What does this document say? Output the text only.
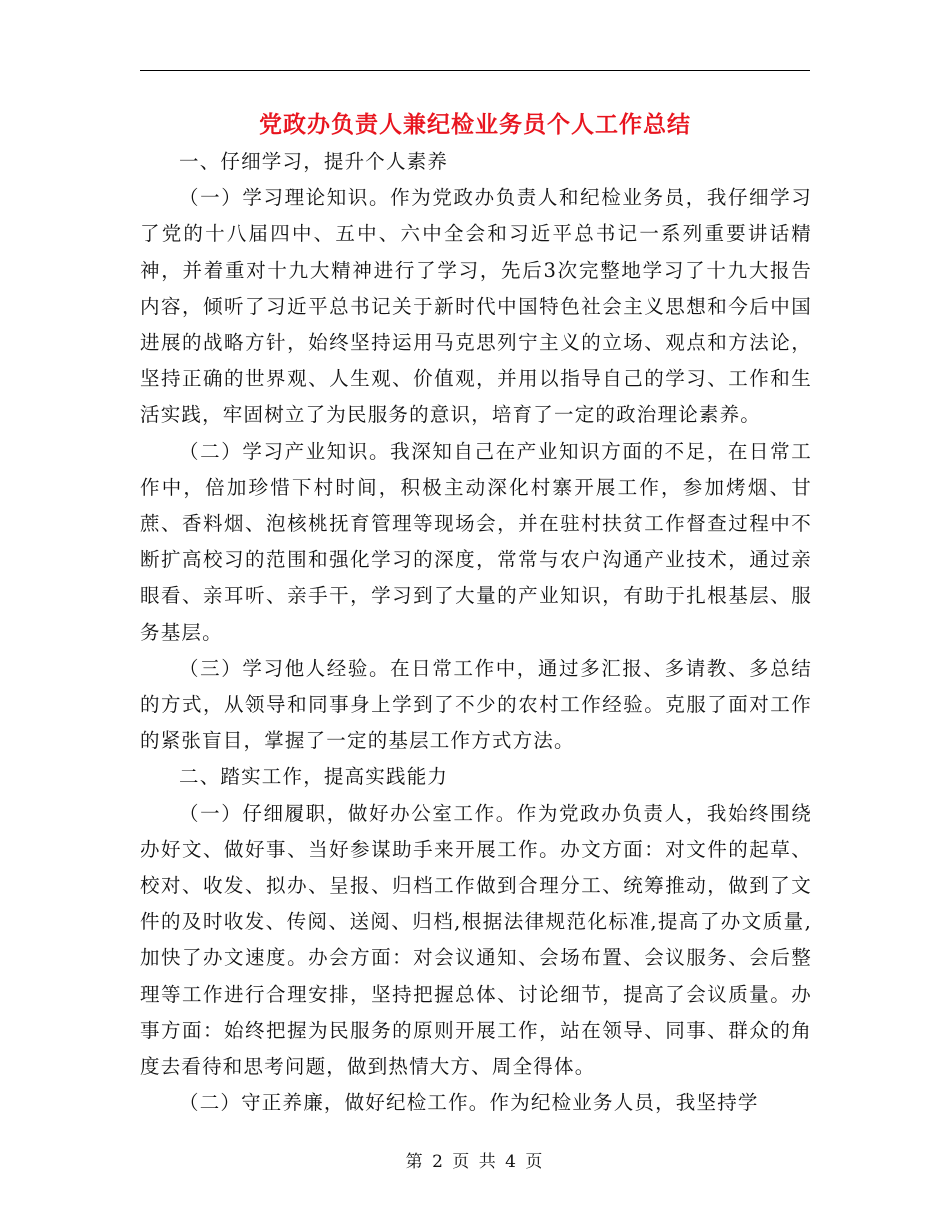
党政办负责人兼纪检业务员个人工作总结

一、仔细学习，提升个人素养

（一）学习理论知识。作为党政办负责人和纪检业务员，我仔细学习了党的十八届四中、五中、六中全会和习近平总书记一系列重要讲话精神，并着重对十九大精神进行了学习，先后3次完整地学习了十九大报告内容，倾听了习近平总书记关于新时代中国特色社会主义思想和今后中国进展的战略方针，始终坚持运用马克思列宁主义的立场、观点和方法论，坚持正确的世界观、人生观、价值观，并用以指导自己的学习、工作和生活实践，牢固树立了为民服务的意识，培育了一定的政治理论素养。

（二）学习产业知识。我深知自己在产业知识方面的不足，在日常工作中，倍加珍惜下村时间，积极主动深化村寨开展工作，参加烤烟、甘蔗、香料烟、泡核桃抚育管理等现场会，并在驻村扶贫工作督查过程中不断扩高校习的范围和强化学习的深度，常常与农户沟通产业技术，通过亲眼看、亲耳听、亲手干，学习到了大量的产业知识，有助于扎根基层、服务基层。

（三）学习他人经验。在日常工作中，通过多汇报、多请教、多总结的方式，从领导和同事身上学到了不少的农村工作经验。克服了面对工作的紧张盲目，掌握了一定的基层工作方式方法。

二、踏实工作，提高实践能力

（一）仔细履职，做好办公室工作。作为党政办负责人，我始终围绕办好文、做好事、当好参谋助手来开展工作。办文方面：对文件的起草、校对、收发、拟办、呈报、归档工作做到合理分工、统筹推动，做到了文件的及时收发、传阅、送阅、归档,根据法律规范化标准,提高了办文质量,加快了办文速度。办会方面：对会议通知、会场布置、会议服务、会后整理等工作进行合理安排，坚持把握总体、讨论细节，提高了会议质量。办事方面：始终把握为民服务的原则开展工作，站在领导、同事、群众的角度去看待和思考问题，做到热情大方、周全得体。

（二）守正养廉，做好纪检工作。作为纪检业务人员，我坚持学

第 2 页 共 4 页
